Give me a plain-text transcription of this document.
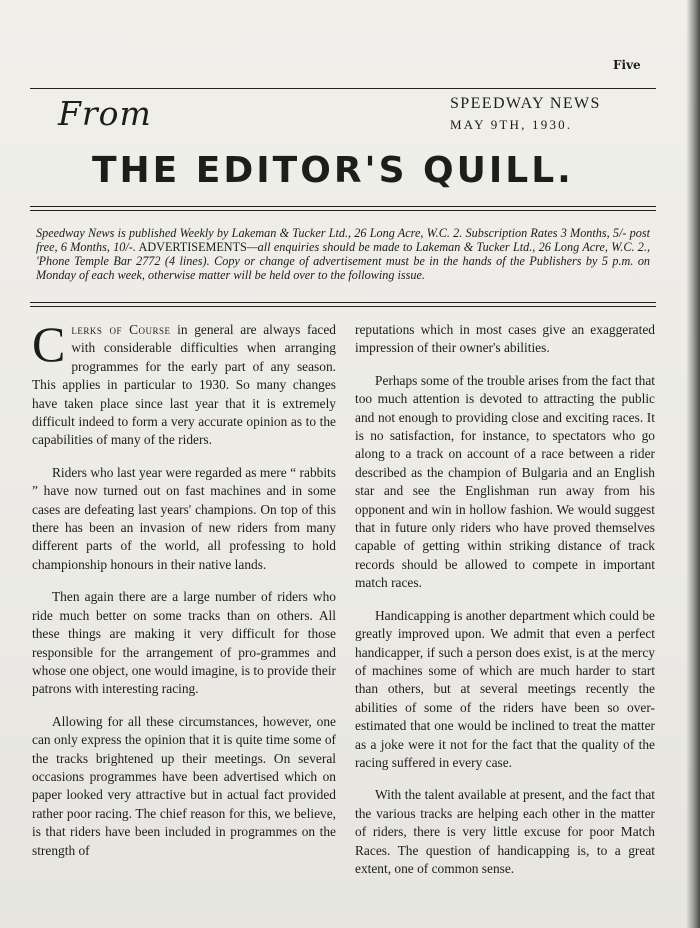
Five
From	SPEEDWAY NEWS
MAY 9TH, 1930.
THE EDITOR'S QUILL.
Speedway News is published Weekly by Lakeman & Tucker Ltd., 26 Long Acre, W.C. 2. Subscription Rates 3 Months, 5/- post free, 6 Months, 10/-. ADVERTISEMENTS—all enquiries should be made to Lakeman & Tucker Ltd., 26 Long Acre, W.C. 2., 'Phone Temple Bar 2772 (4 lines). Copy or change of advertisement must be in the hands of the Publishers by 5 p.m. on Monday of each week, otherwise matter will be held over to the following issue.

Clerks of Course in general are always faced with considerable difficulties when arranging programmes for the early part of any season. This applies in particular to 1930. So many changes have taken place since last year that it is extremely difficult indeed to form a very accurate opinion as to the capabilities of many of the riders.

Riders who last year were regarded as mere “ rabbits ” have now turned out on fast machines and in some cases are defeating last years' champions. On top of this there has been an invasion of new riders from many different parts of the world, all professing to hold championship honours in their native lands.

Then again there are a large number of riders who ride much better on some tracks than on others. All these things are making it very difficult for those responsible for the arrangement of pro-grammes and whose one object, one would imagine, is to provide their patrons with interesting racing.

Allowing for all these circumstances, however, one can only express the opinion that it is quite time some of the tracks brightened up their meetings. On several occasions programmes have been advertised which on paper looked very attractive but in actual fact provided rather poor racing. The chief reason for this, we believe, is that riders have been included in programmes on the strength of

reputations which in most cases give an exaggerated impression of their owner's abilities.

Perhaps some of the trouble arises from the fact that too much attention is devoted to attracting the public and not enough to providing close and exciting races. It is no satisfaction, for instance, to spectators who go along to a track on account of a race between a rider described as the champion of Bulgaria and an English star and see the Englishman run away from his opponent and win in hollow fashion. We would suggest that in future only riders who have proved themselves capable of getting within striking distance of track records should be allowed to compete in important match races.

Handicapping is another department which could be greatly improved upon. We admit that even a perfect handicapper, if such a person does exist, is at the mercy of machines some of which are much harder to start than others, but at several meetings recently the abilities of some of the riders have been so over-estimated that one would be inclined to treat the matter as a joke were it not for the fact that the quality of the racing suffered in every case.

With the talent available at present, and the fact that the various tracks are helping each other in the matter of riders, there is very little excuse for poor Match Races. The question of handicapping is, to a great extent, one of common sense.
